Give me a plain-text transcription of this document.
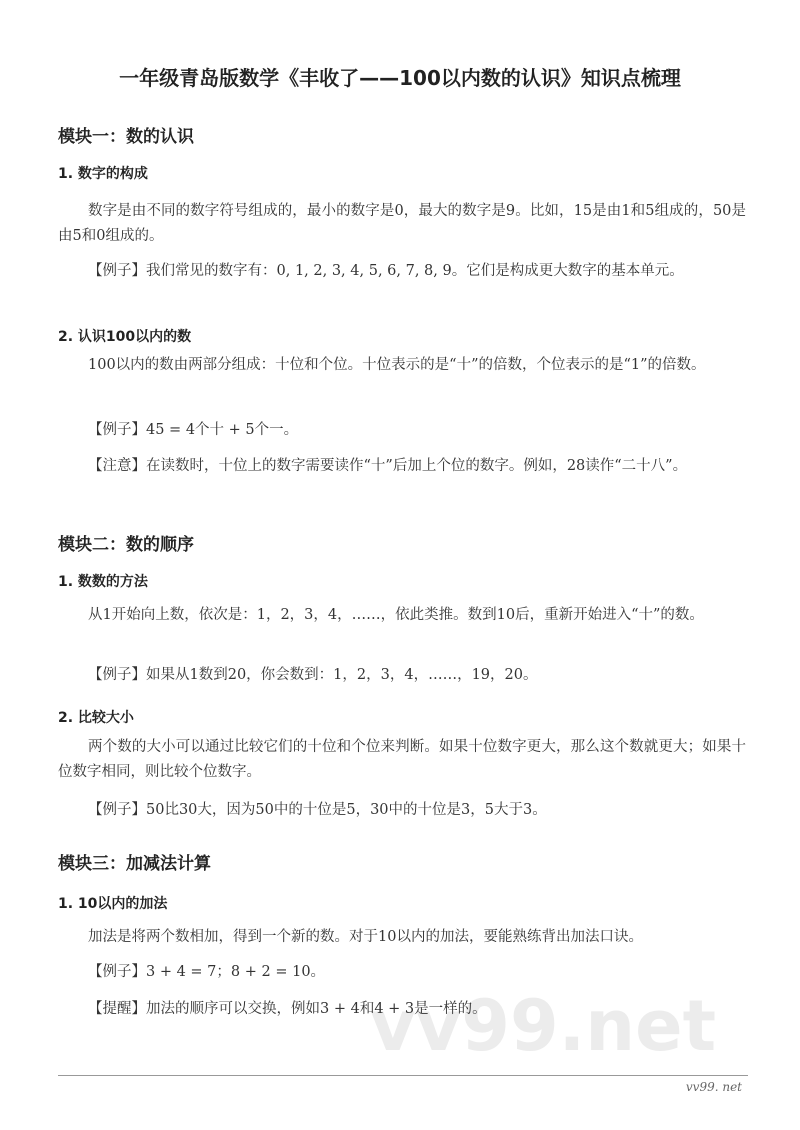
vv99.net
一年级青岛版数学《丰收了——100以内数的认识》知识点梳理
模块一：数的认识
1. 数字的构成
数字是由不同的数字符号组成的，最小的数字是0，最大的数字是9。比如，15是由1和5组成的，50是由5和0组成的。
【例子】我们常见的数字有：0, 1, 2, 3, 4, 5, 6, 7, 8, 9。它们是构成更大数字的基本单元。
2. 认识100以内的数
100以内的数由两部分组成：十位和个位。十位表示的是“十”的倍数，个位表示的是“1”的倍数。
【例子】45 = 4个十 + 5个一。
【注意】在读数时，十位上的数字需要读作“十”后加上个位的数字。例如，28读作“二十八”。
模块二：数的顺序
1. 数数的方法
从1开始向上数，依次是：1，2，3，4，……，依此类推。数到10后，重新开始进入“十”的数。
【例子】如果从1数到20，你会数到：1，2，3，4，……，19，20。
2. 比较大小
两个数的大小可以通过比较它们的十位和个位来判断。如果十位数字更大，那么这个数就更大；如果十位数字相同，则比较个位数字。
【例子】50比30大，因为50中的十位是5，30中的十位是3，5大于3。
模块三：加减法计算
1. 10以内的加法
加法是将两个数相加，得到一个新的数。对于10以内的加法，要能熟练背出加法口诀。
【例子】3 + 4 = 7；8 + 2 = 10。
【提醒】加法的顺序可以交换，例如3 + 4和4 + 3是一样的。
vv99. net
